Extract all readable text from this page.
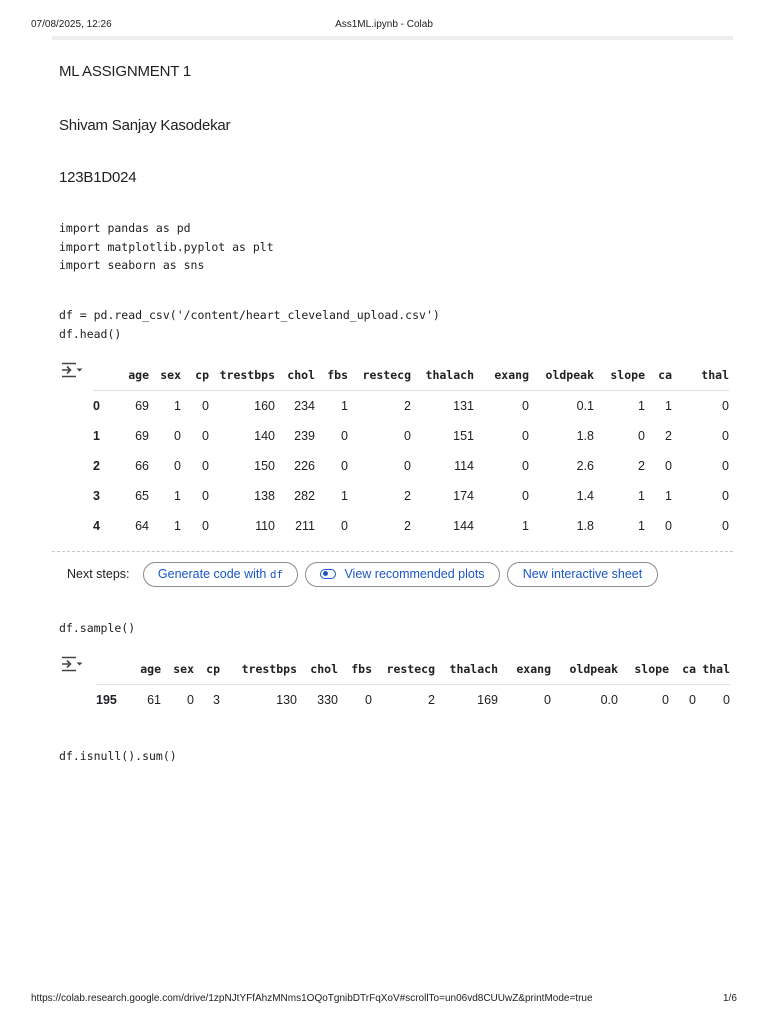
07/08/2025, 12:26	Ass1ML.ipynb - Colab
ML ASSIGNMENT 1
Shivam Sanjay Kasodekar
123B1D024
import pandas as pd
import matplotlib.pyplot as plt
import seaborn as sns
df = pd.read_csv('/content/heart_cleveland_upload.csv')
df.head()
	age	sex	cp	trestbps	chol	fbs	restecg	thalach	exang	oldpeak	slope	ca	thal
0	69	1	0	160	234	1	2	131	0	0.1	1	1	0
1	69	0	0	140	239	0	0	151	0	1.8	0	2	0
2	66	0	0	150	226	0	0	114	0	2.6	2	0	0
3	65	1	0	138	282	1	2	174	0	1.4	1	1	0
4	64	1	0	110	211	0	2	144	1	1.8	1	0	0
Next steps:	Generate code with df	View recommended plots	New interactive sheet
df.sample()
	age	sex	cp	trestbps	chol	fbs	restecg	thalach	exang	oldpeak	slope	ca	thal
195	61	0	3	130	330	0	2	169	0	0.0	0	0	0
df.isnull().sum()
https://colab.research.google.com/drive/1zpNJtYFfAhzMNms1OQoTgnibDTrFqXoV#scrollTo=un06vd8CUUwZ&printMode=true	1/6
